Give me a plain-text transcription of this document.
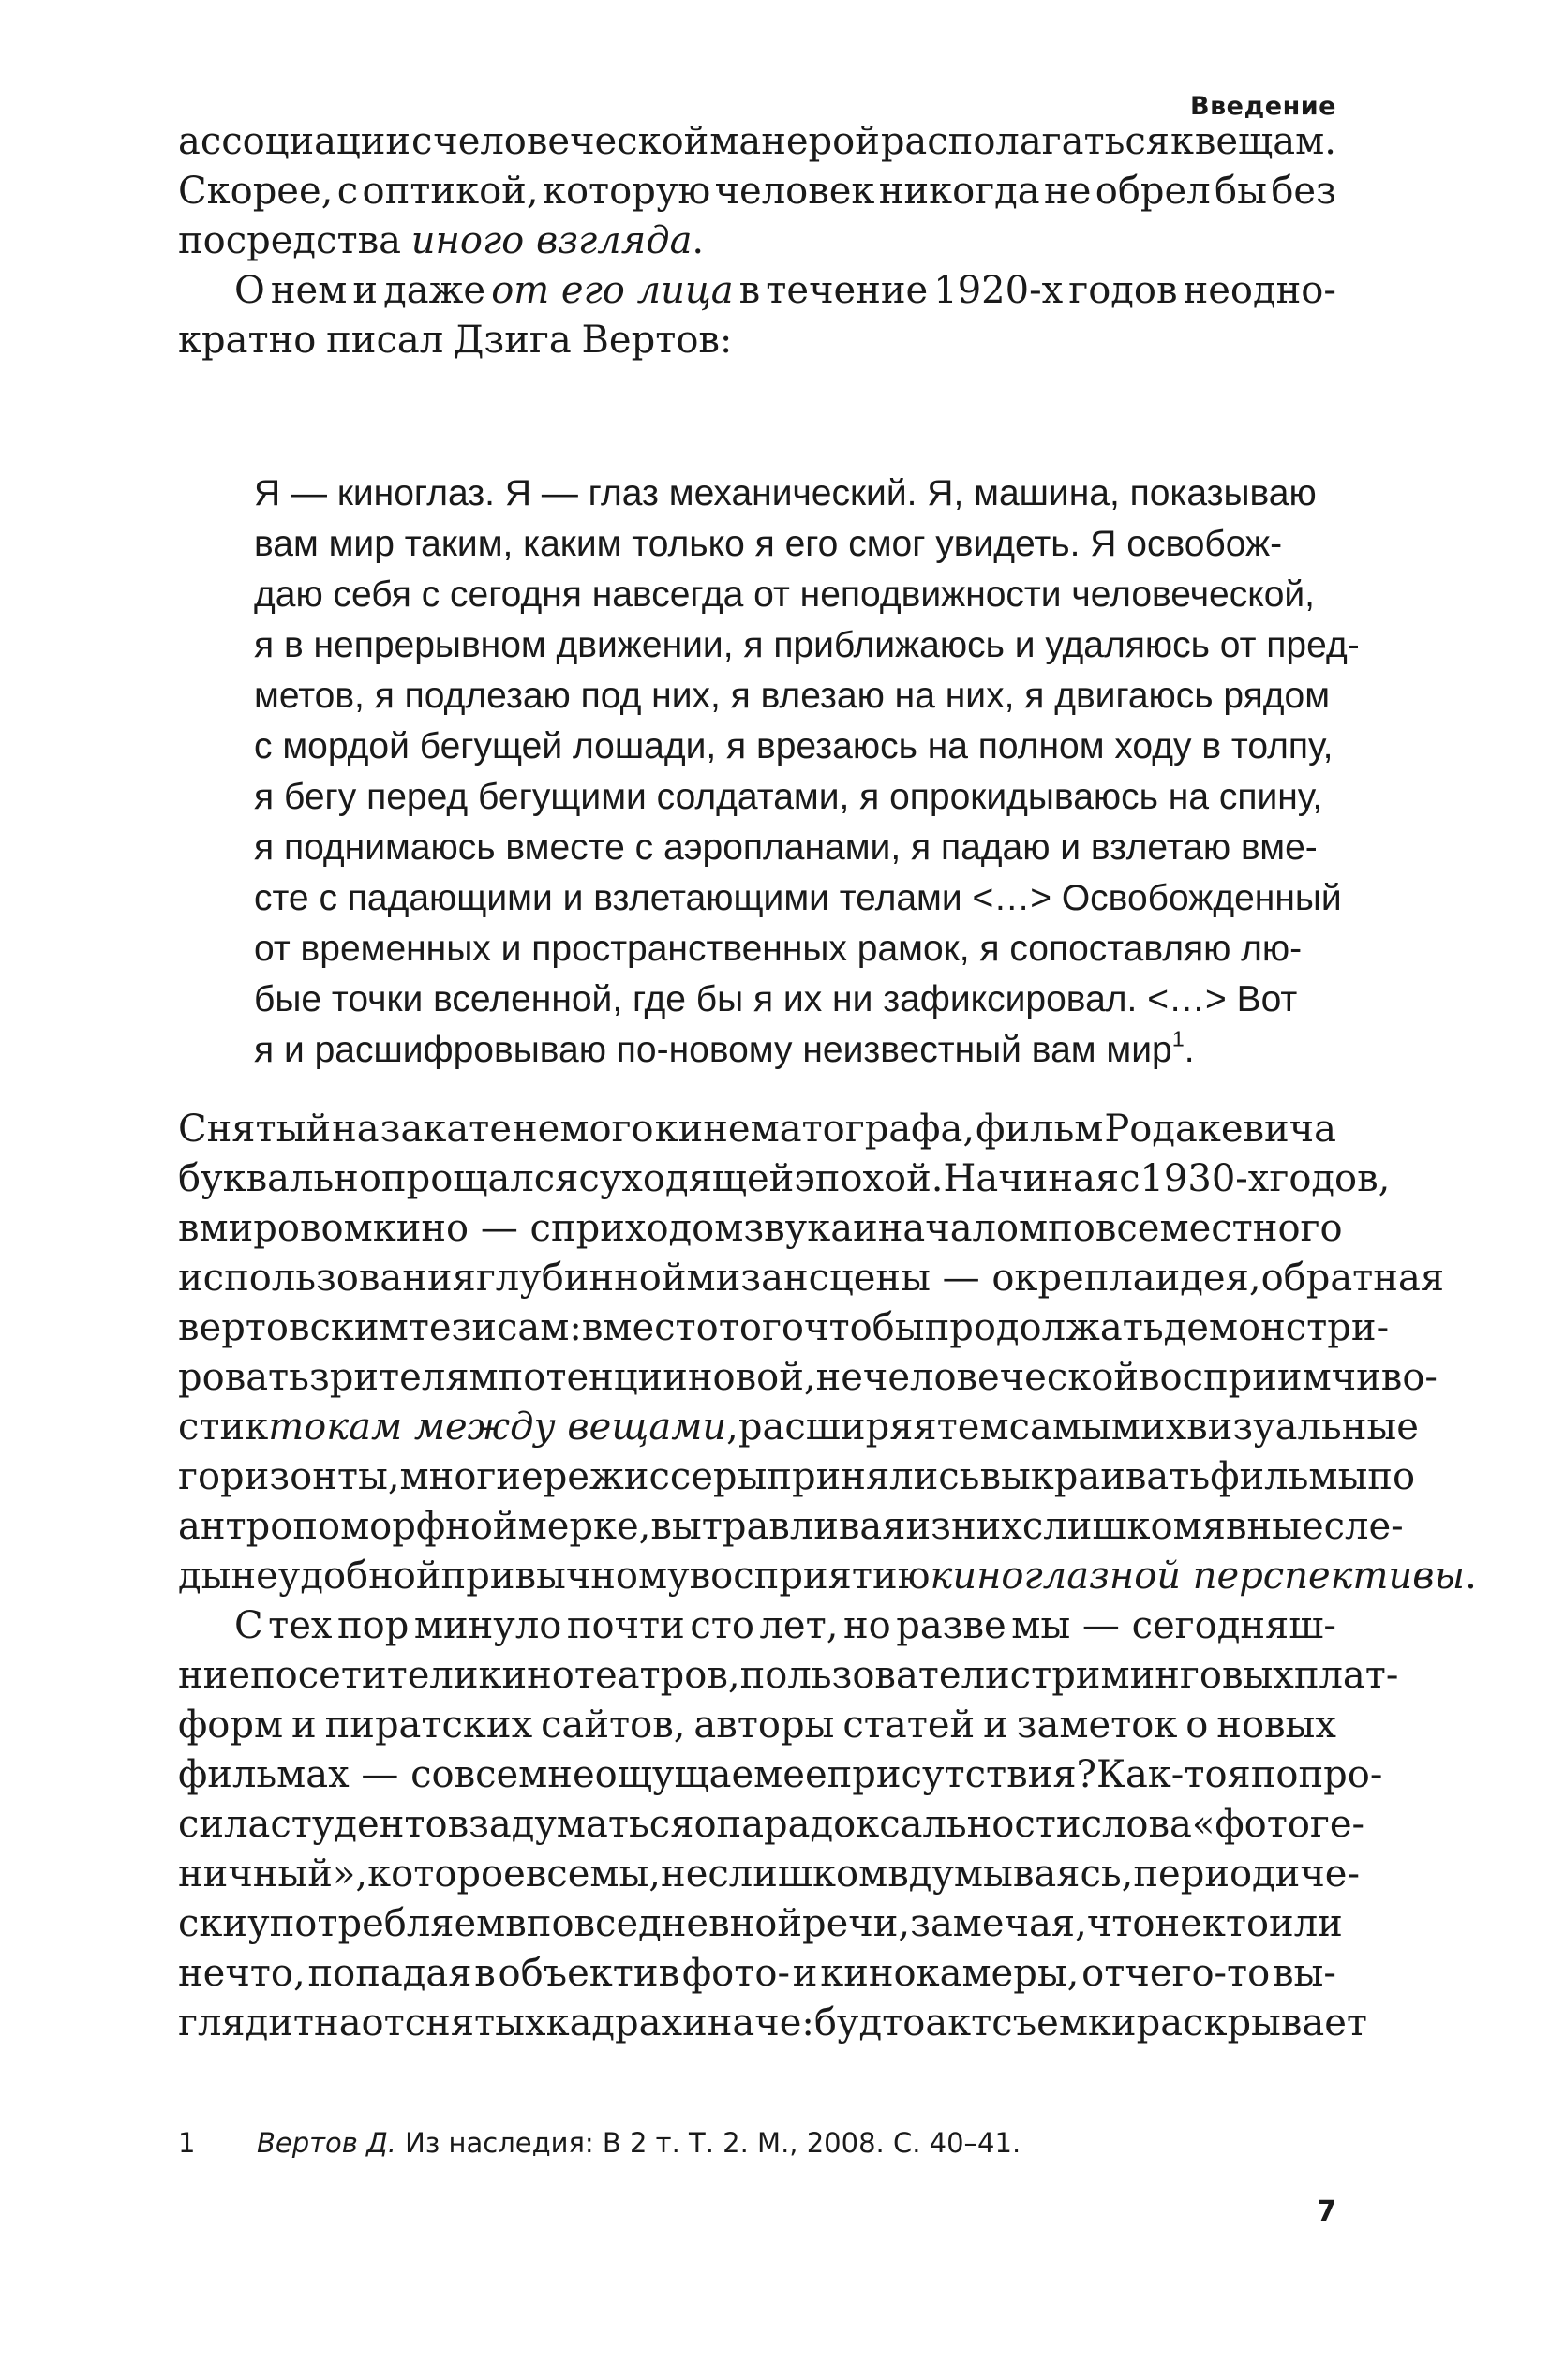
Введение
ассоциации с человеческой манерой располагаться к вещам.
Скорее, с оптикой, которую человек никогда не обрел бы без
посредства иного взгляда.
О нем и даже от его лица в течение 1920-х годов неодно-
кратно писал Дзига Вертов:
Я — киноглаз. Я — глаз механический. Я, машина, показываю
вам мир таким, каким только я его смог увидеть. Я освобож-
даю себя с сегодня навсегда от неподвижности человеческой,
я в непрерывном движении, я приближаюсь и удаляюсь от пред-
метов, я подлезаю под них, я влезаю на них, я двигаюсь рядом
с мордой бегущей лошади, я врезаюсь на полном ходу в толпу,
я бегу перед бегущими солдатами, я опрокидываюсь на спину,
я поднимаюсь вместе с аэропланами, я падаю и взлетаю вме-
сте с падающими и взлетающими телами <…> Освобожденный
от временных и пространственных рамок, я сопоставляю лю-
бые точки вселенной, где бы я их ни зафиксировал. <…> Вот
я и расшифровываю по-новому неизвестный вам мир$^1$.
Снятый на закате немого кинематографа, фильм Родакевича
буквально прощался с уходящей эпохой. Начиная с 1930-х годов,
в мировом кино — с приходом звука и началом повсеместного
использования глубинной мизансцены — окрепла идея, обратная
вертовским тезисам: вместо того чтобы продолжать демонстри-
ровать зрителям потенции новой, нечеловеческой восприимчиво-
сти к токам между вещами, расширяя тем самым их визуальные
горизонты, многие режиссеры принялись выкраивать фильмы по
антропоморфной мерке, вытравливая из них слишком явные сле-
ды неудобной привычному восприятию киноглазной перспективы.
С тех пор минуло почти сто лет, но разве мы — сегодняш-
ние посетители кинотеатров, пользователи стриминговых плат-
форм и пиратских сайтов, авторы статей и заметок о новых
фильмах — совсем не ощущаем ее присутствия? Как-то я попро-
сила студентов задуматься о парадоксальности слова «фотоге-
ничный», которое все мы, не слишком вдумываясь, периодиче-
ски употребляем в повседневной речи, замечая, что некто или
нечто, попадая в объектив фото- и кинокамеры, отчего-то вы-
глядит на отснятых кадрах иначе: будто акт съемки раскрывает
1 Вертов Д. Из наследия: В 2 т. Т. 2. М., 2008. С. 40–41.
7
